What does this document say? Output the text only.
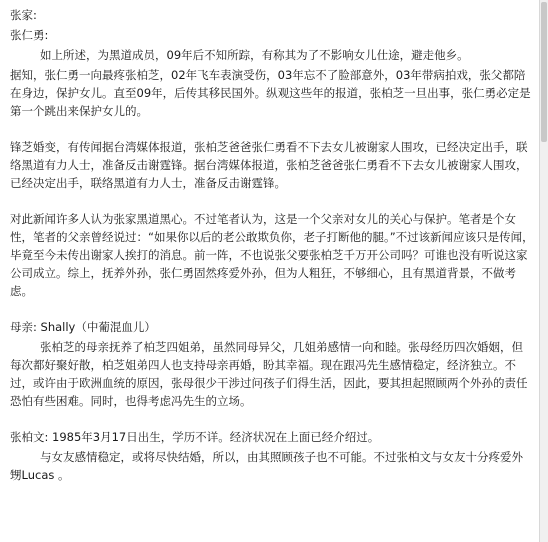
张家:

张仁勇:

如上所述，为黑道成员，09年后不知所踪，有称其为了不影响女儿仕途，避走他乡。

据知，张仁勇一向最疼张柏芝，02年飞车表演受伤，03年忘不了脸部意外，03年带病拍戏，张父都陪在身边，保护女儿。直至09年，后传其移民国外。纵观这些年的报道，张柏芝一旦出事，张仁勇必定是第一个跳出来保护女儿的。

锋芝婚变，有传闻据台湾媒体报道，张柏芝爸爸张仁勇看不下去女儿被谢家人围攻，已经决定出手，联络黑道有力人士，准备反击谢霆锋。据台湾媒体报道，张柏芝爸爸张仁勇看不下去女儿被谢家人围攻，已经决定出手，联络黑道有力人士，准备反击谢霆锋。

对此新闻许多人认为张家黑道黑心。不过笔者认为，这是一个父亲对女儿的关心与保护。笔者是个女性，笔者的父亲曾经说过：“如果你以后的老公敢欺负你，老子打断他的腿。”不过该新闻应该只是传闻，毕竟至今未传出谢家人挨打的消息。前一阵，不也说张父要张柏芝千万开公司吗？可谁也没有听说这家公司成立。综上，抚养外孙，张仁勇固然疼爱外孙，但为人粗狂，不够细心，且有黑道背景，不做考虑。

母亲: Shally（中葡混血儿）

张柏芝的母亲抚养了柏芝四姐弟，虽然同母异父，几姐弟感情一向和睦。张母经历四次婚姻，但每次都好聚好散，柏芝姐弟四人也支持母亲再婚，盼其幸福。现在跟冯先生感情稳定，经济独立。不过，或许由于欧洲血统的原因，张母很少干涉过问孩子们得生活，因此，要其担起照顾两个外孙的责任恐怕有些困难。同时，也得考虑冯先生的立场。

张柏文: 1985年3月17日出生，学历不详。经济状况在上面已经介绍过。

与女友感情稳定，或将尽快结婚，所以，由其照顾孩子也不可能。不过张柏文与女友十分疼爱外甥Lucas 。
